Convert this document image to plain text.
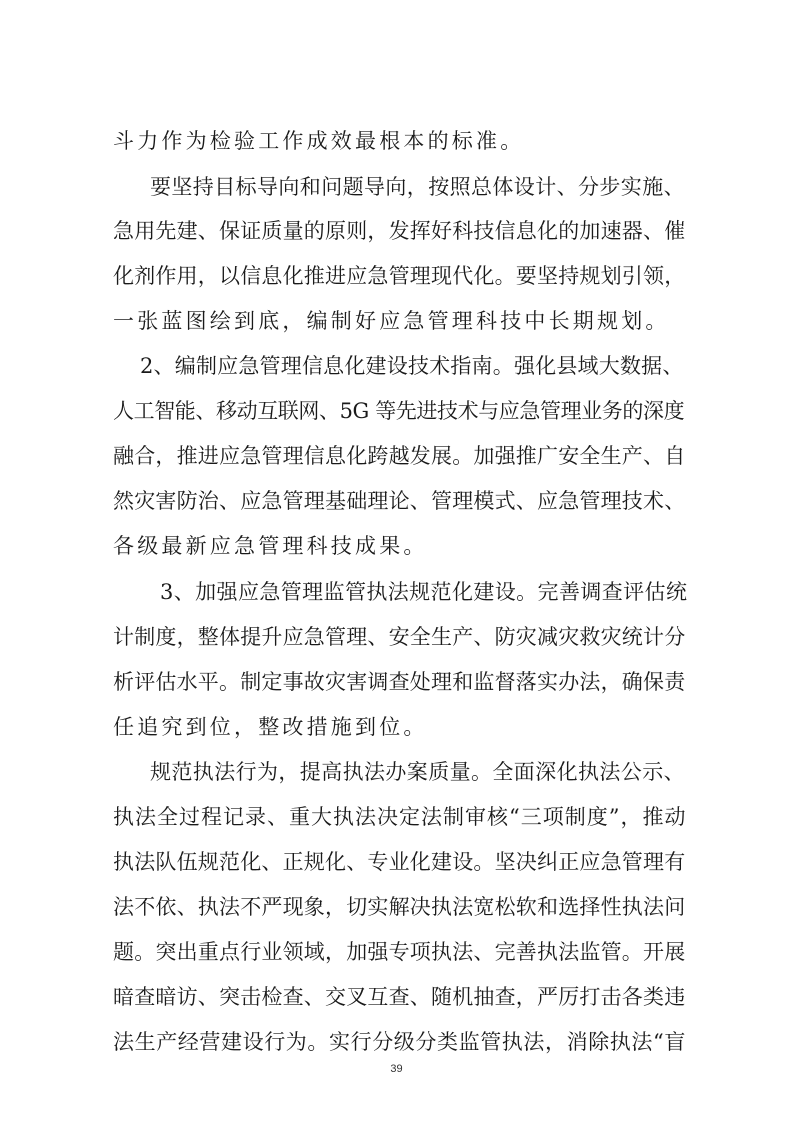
斗力作为检验工作成效最根本的标准。
要坚持目标导向和问题导向，按照总体设计、分步实施、
急用先建、保证质量的原则，发挥好科技信息化的加速器、催
化剂作用，以信息化推进应急管理现代化。要坚持规划引领，
一张蓝图绘到底，编制好应急管理科技中长期规划。
2、编制应急管理信息化建设技术指南。强化县域大数据、
人工智能、移动互联网、5G 等先进技术与应急管理业务的深度
融合，推进应急管理信息化跨越发展。加强推广安全生产、自
然灾害防治、应急管理基础理论、管理模式、应急管理技术、
各级最新应急管理科技成果。
3、加强应急管理监管执法规范化建设。完善调查评估统
计制度，整体提升应急管理、安全生产、防灾减灾救灾统计分
析评估水平。制定事故灾害调查处理和监督落实办法，确保责
任追究到位，整改措施到位。
规范执法行为，提高执法办案质量。全面深化执法公示、
执法全过程记录、重大执法决定法制审核“三项制度”，推动
执法队伍规范化、正规化、专业化建设。坚决纠正应急管理有
法不依、执法不严现象，切实解决执法宽松软和选择性执法问
题。突出重点行业领域，加强专项执法、完善执法监管。开展
暗查暗访、突击检查、交叉互查、随机抽查，严厉打击各类违
法生产经营建设行为。实行分级分类监管执法，消除执法“盲
39
